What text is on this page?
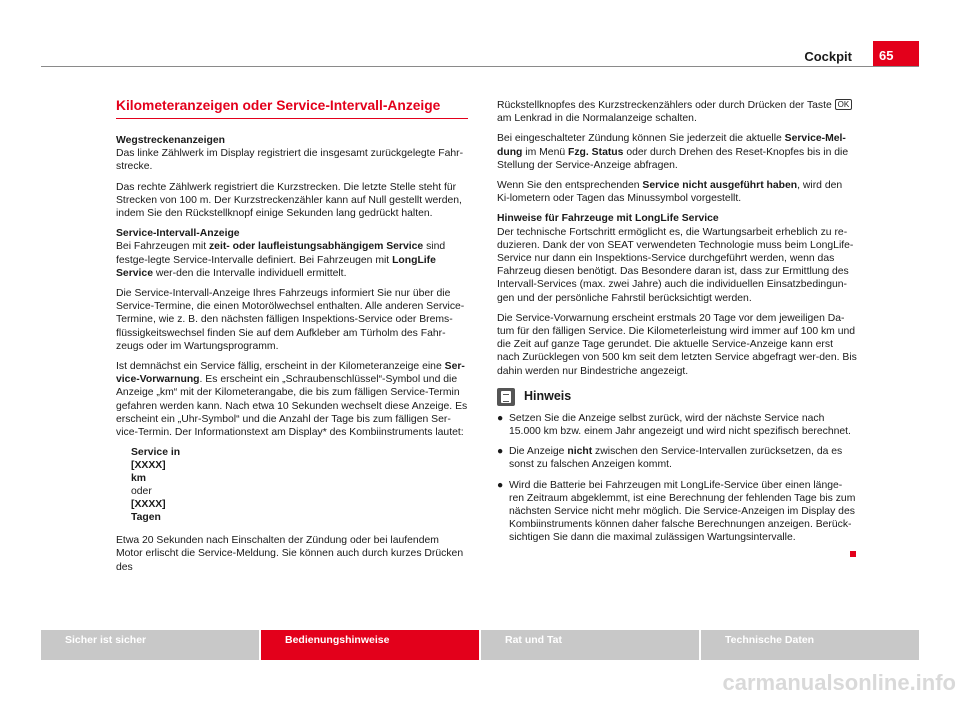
Cockpit	65
Kilometeranzeigen oder Service-Intervall-Anzeige

Wegstreckenanzeigen

Das linke Zählwerk im Display registriert die insgesamt zurückgelegte Fahr-strecke.

Das rechte Zählwerk registriert die Kurzstrecken. Die letzte Stelle steht für Strecken von 100 m. Der Kurzstreckenzähler kann auf Null gestellt werden, indem Sie den Rückstellknopf einige Sekunden lang gedrückt halten.

Service-Intervall-Anzeige

Bei Fahrzeugen mit zeit- oder laufleistungsabhängigem Service sind festge-legte Service-Intervalle definiert. Bei Fahrzeugen mit LongLife Service wer-den die Intervalle individuell ermittelt.

Die Service-Intervall-Anzeige Ihres Fahrzeugs informiert Sie nur über die Service-Termine, die einen Motorölwechsel enthalten. Alle anderen Service-Termine, wie z. B. den nächsten fälligen Inspektions-Service oder Brems-flüssigkeitswechsel finden Sie auf dem Aufkleber am Türholm des Fahr-zeugs oder im Wartungsprogramm.

Ist demnächst ein Service fällig, erscheint in der Kilometeranzeige eine Ser-vice-Vorwarnung. Es erscheint ein „Schraubenschlüssel“-Symbol und die Anzeige „km“ mit der Kilometerangabe, die bis zum fälligen Service-Termin gefahren werden kann. Nach etwa 10 Sekunden wechselt diese Anzeige. Es erscheint ein „Uhr-Symbol“ und die Anzahl der Tage bis zum fälligen Ser-vice-Termin. Der Informationstext am Display* des Kombiinstruments lautet:

Service in
[XXXX]
km
oder
[XXXX]
Tagen

Etwa 20 Sekunden nach Einschalten der Zündung oder bei laufendem Motor erlischt die Service-Meldung. Sie können auch durch kurzes Drücken des

Rückstellknopfes des Kurzstreckenzählers oder durch Drücken der Taste OK am Lenkrad in die Normalanzeige schalten.

Bei eingeschalteter Zündung können Sie jederzeit die aktuelle Service-Mel-dung im Menü Fzg. Status oder durch Drehen des Reset-Knopfes bis in die Stellung der Service-Anzeige abfragen.

Wenn Sie den entsprechenden Service nicht ausgeführt haben, wird den Ki-lometern oder Tagen das Minussymbol vorgestellt.

Hinweise für Fahrzeuge mit LongLife Service

Der technische Fortschritt ermöglicht es, die Wartungsarbeit erheblich zu re-duzieren. Dank der von SEAT verwendeten Technologie muss beim LongLife-Service nur dann ein Inspektions-Service durchgeführt werden, wenn das Fahrzeug diesen benötigt. Das Besondere daran ist, dass zur Ermittlung des Intervall-Services (max. zwei Jahre) auch die individuellen Einsatzbedingun-gen und der persönliche Fahrstil berücksichtigt werden.

Die Service-Vorwarnung erscheint erstmals 20 Tage vor dem jeweiligen Da-tum für den fälligen Service. Die Kilometerleistung wird immer auf 100 km und die Zeit auf ganze Tage gerundet. Die aktuelle Service-Anzeige kann erst nach Zurücklegen von 500 km seit dem letzten Service abgefragt wer-den. Bis dahin werden nur Bindestriche angezeigt.

Hinweis

● Setzen Sie die Anzeige selbst zurück, wird der nächste Service nach 15.000 km bzw. einem Jahr angezeigt und wird nicht spezifisch berechnet.

● Die Anzeige nicht zwischen den Service-Intervallen zurücksetzen, da es sonst zu falschen Anzeigen kommt.

● Wird die Batterie bei Fahrzeugen mit LongLife-Service über einen länge-ren Zeitraum abgeklemmt, ist eine Berechnung der fehlenden Tage bis zum nächsten Service nicht mehr möglich. Die Service-Anzeigen im Display des Kombiinstruments können daher falsche Berechnungen anzeigen. Berück-sichtigen Sie dann die maximal zulässigen Wartungsintervalle.

Sicher ist sicher	Bedienungshinweise	Rat und Tat	Technische Daten
carmanualsonline.info
